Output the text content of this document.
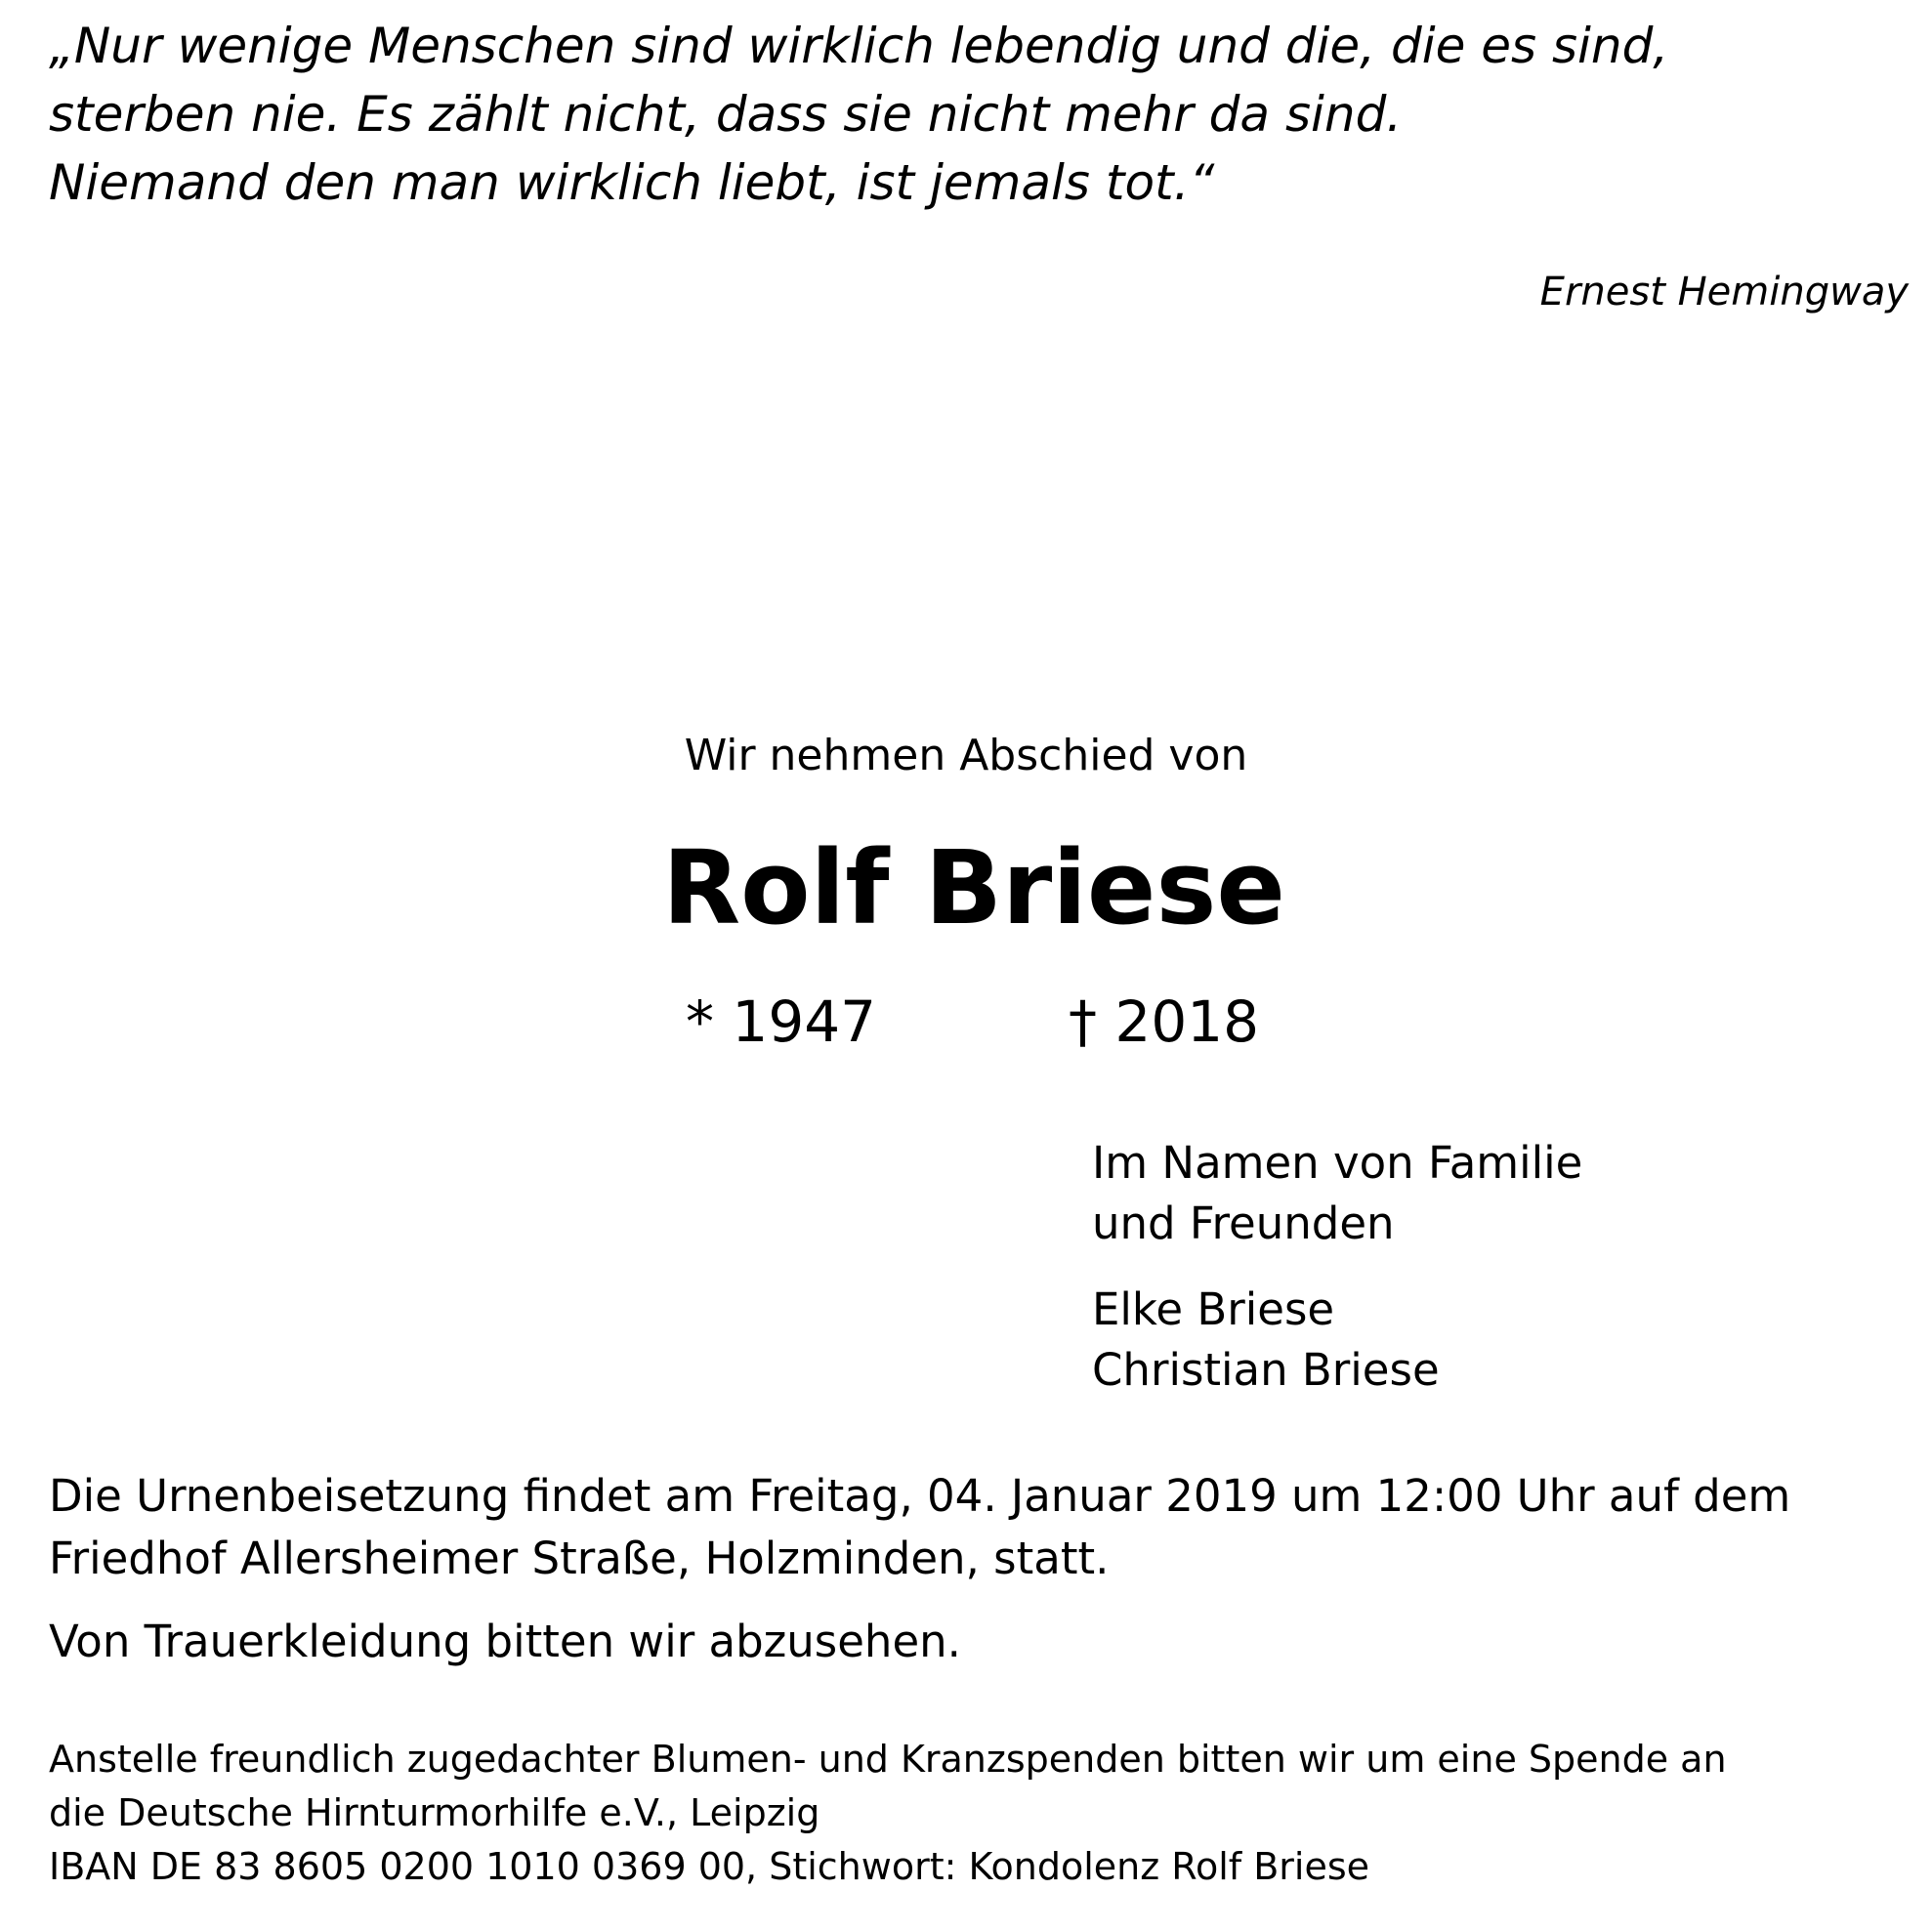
„Nur wenige Menschen sind wirklich lebendig und die, die es sind,
sterben nie. Es zählt nicht, dass sie nicht mehr da sind.
Niemand den man wirklich liebt, ist jemals tot.“
Ernest Hemingway
Wir nehmen Abschied von
Rolf Briese
* 1947	† 2018
Im Namen von Familie
und Freunden
Elke Briese
Christian Briese
Die Urnenbeisetzung findet am Freitag, 04. Januar 2019 um 12:00 Uhr auf dem
Friedhof Allersheimer Straße, Holzminden, statt.
Von Trauerkleidung bitten wir abzusehen.
Anstelle freundlich zugedachter Blumen- und Kranzspenden bitten wir um eine Spende an
die Deutsche Hirnturmorhilfe e.V., Leipzig
IBAN DE 83 8605 0200 1010 0369 00, Stichwort: Kondolenz Rolf Briese
